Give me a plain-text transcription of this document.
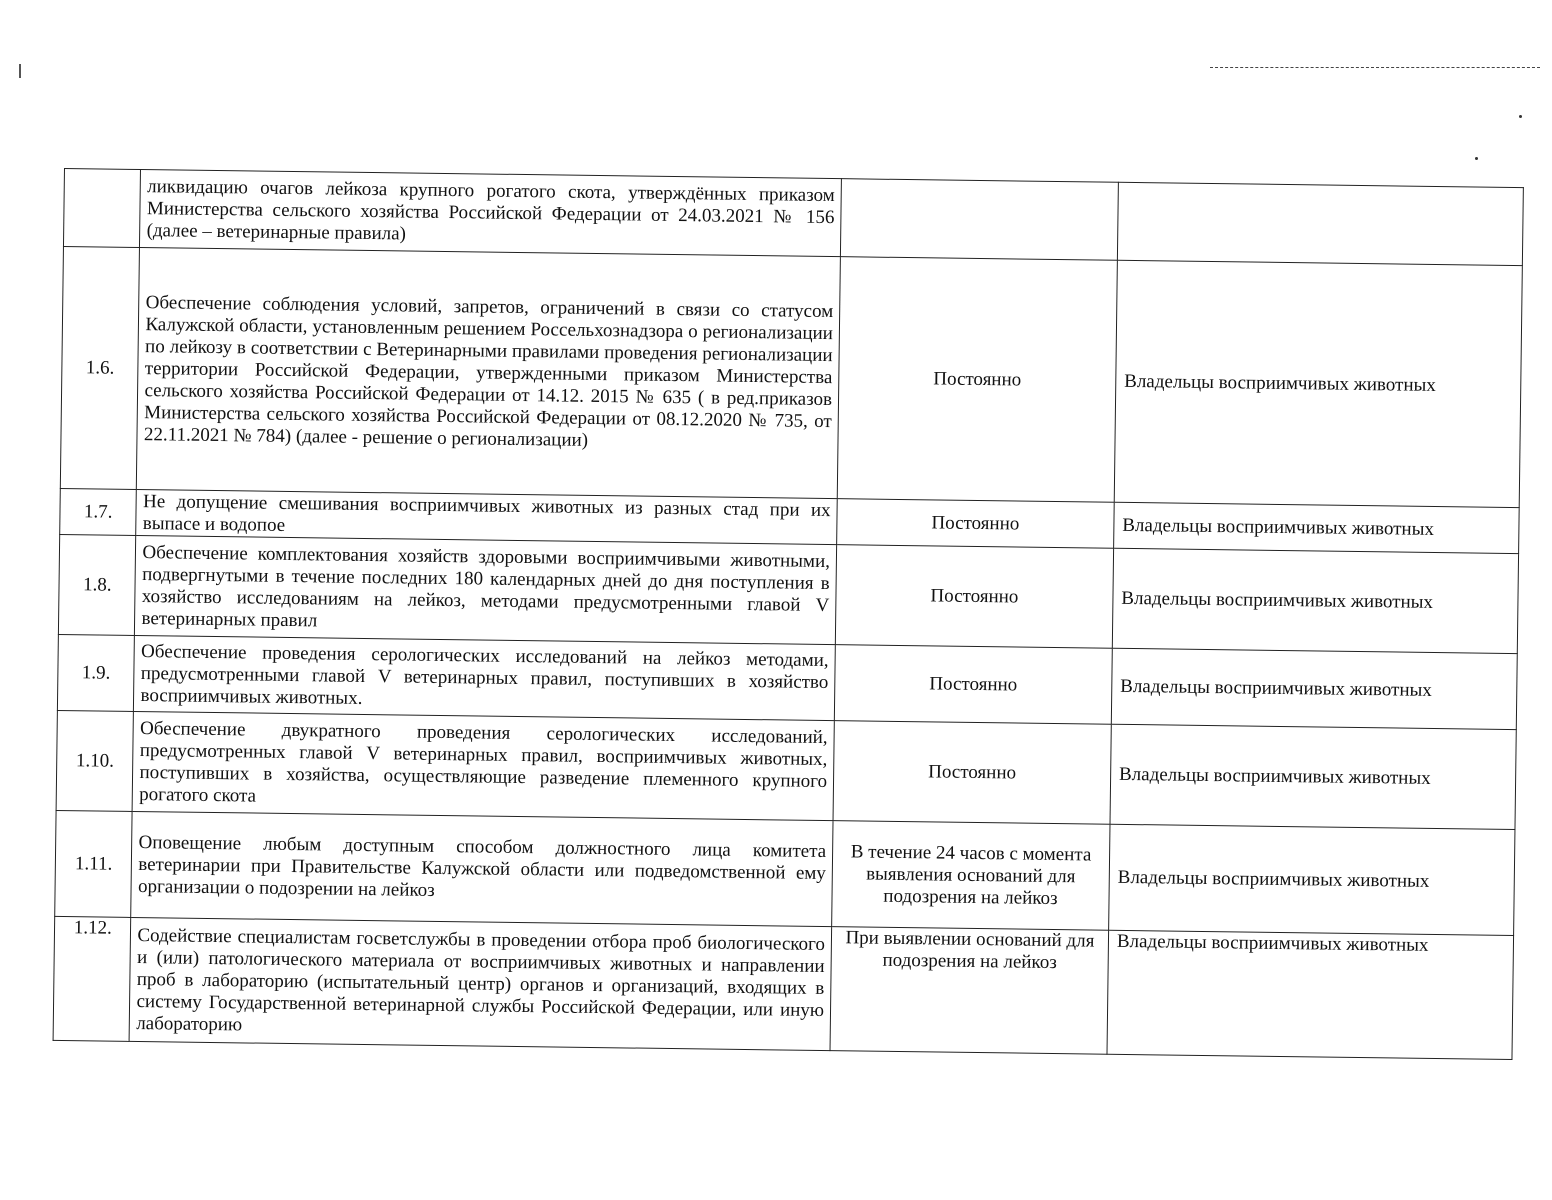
	ликвидацию очагов лейкоза крупного рогатого скота, утверждённых приказом Министерства сельского хозяйства Российской Федерации от 24.03.2021 № 156 (далее – ветеринарные правила)		
1.6.	Обеспечение соблюдения условий, запретов, ограничений в связи со статусом Калужской области, установленным решением Россельхознадзора о регионализации по лейкозу в соответствии с Ветеринарными правилами проведения регионализации территории Российской Федерации, утвержденными приказом Министерства сельского хозяйства Российской Федерации от 14.12. 2015 № 635 ( в ред.приказов Министерства сельского хозяйства Российской Федерации от 08.12.2020 № 735, от 22.11.2021 № 784) (далее - решение о регионализации)	Постоянно	Владельцы восприимчивых животных
1.7.	Не допущение смешивания восприимчивых животных из разных стад при их выпасе и водопое	Постоянно	Владельцы восприимчивых животных
1.8.	Обеспечение комплектования хозяйств здоровыми восприимчивыми животными, подвергнутыми в течение последних 180 календарных дней до дня поступления в хозяйство исследованиям на лейкоз, методами предусмотренными главой V ветеринарных правил	Постоянно	Владельцы восприимчивых животных
1.9.	Обеспечение проведения серологических исследований на лейкоз методами, предусмотренными главой V ветеринарных правил, поступивших в хозяйство восприимчивых животных.	Постоянно	Владельцы восприимчивых животных
1.10.	Обеспечение двукратного проведения серологических исследований, предусмотренных главой V ветеринарных правил, восприимчивых животных, поступивших в хозяйства, осуществляющие разведение племенного крупного рогатого скота	Постоянно	Владельцы восприимчивых животных
1.11.	Оповещение любым доступным способом должностного лица комитета ветеринарии при Правительстве Калужской области или подведомственной ему организации о подозрении на лейкоз	В течение 24 часов с момента выявления оснований для подозрения на лейкоз	Владельцы восприимчивых животных
1.12.	Содействие специалистам госветслужбы в проведении отбора проб биологического и (или) патологического материала от восприимчивых животных и направлении проб в лабораторию (испытательный центр) органов и организаций, входящих в систему Государственной ветеринарной службы Российской Федерации, или иную лабораторию	При выявлении оснований для подозрения на лейкоз	Владельцы восприимчивых животных
